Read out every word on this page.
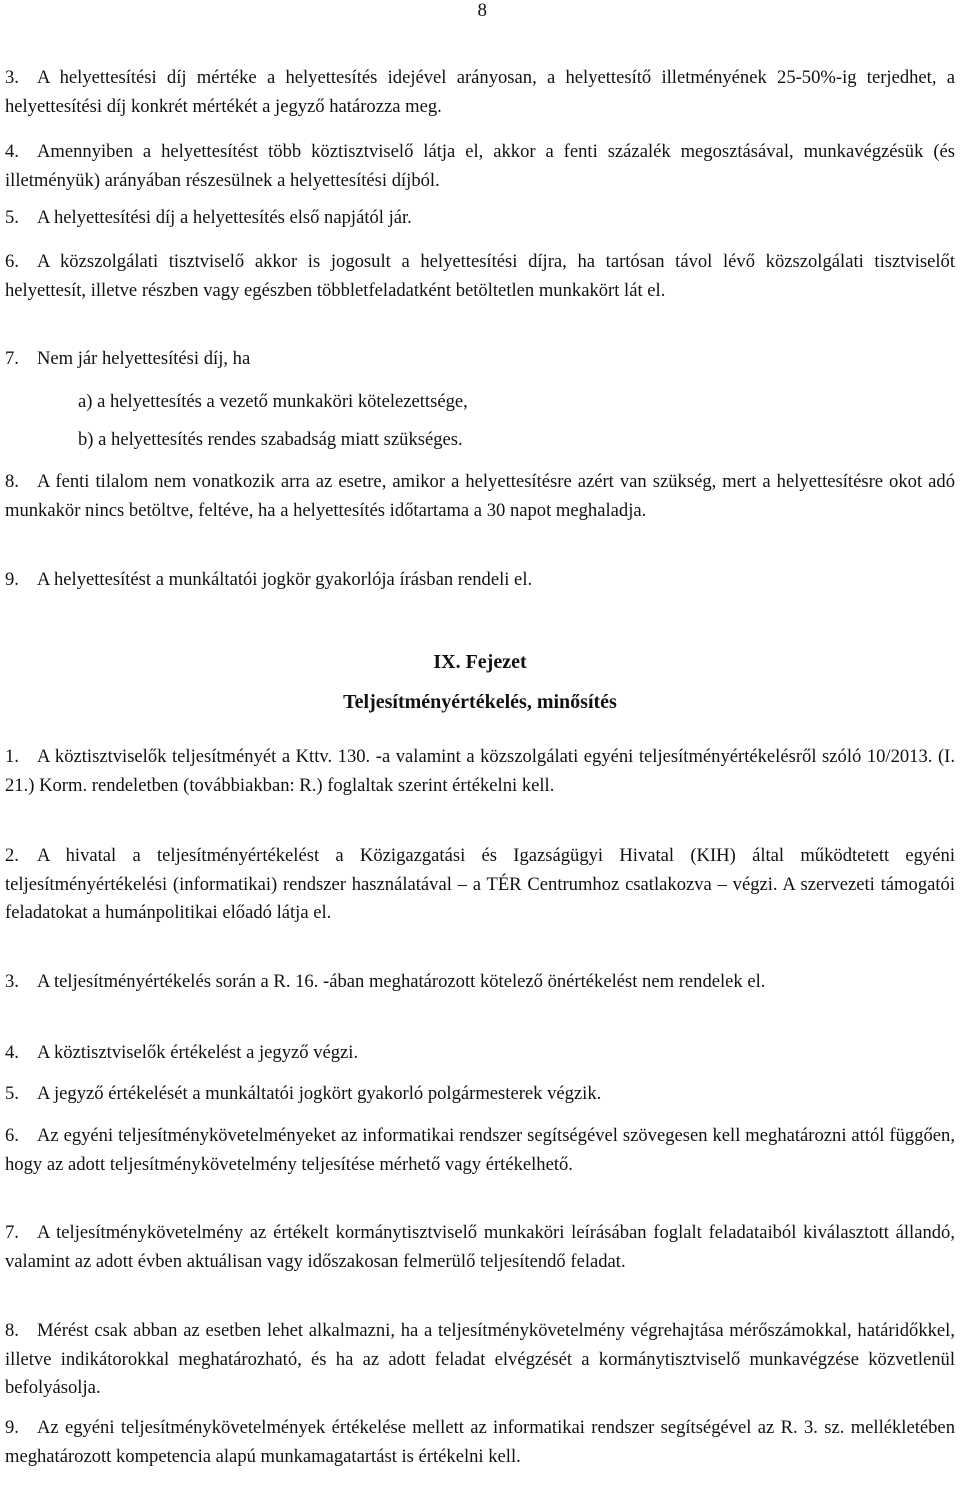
8
3. A helyettesítési díj mértéke a helyettesítés idejével arányosan, a helyettesítő illetményének 25-50%-ig terjedhet, a helyettesítési díj konkrét mértékét a jegyző határozza meg.
4. Amennyiben a helyettesítést több köztisztviselő látja el, akkor a fenti százalék megosztásával, munkavégzésük (és illetményük) arányában részesülnek a helyettesítési díjból.
5. A helyettesítési díj a helyettesítés első napjától jár.
6. A közszolgálati tisztviselő akkor is jogosult a helyettesítési díjra, ha tartósan távol lévő közszolgálati tisztviselőt helyettesít, illetve részben vagy egészben többletfeladatként betöltetlen munkakört lát el.
7. Nem jár helyettesítési díj, ha
a) a helyettesítés a vezető munkaköri kötelezettsége,
b) a helyettesítés rendes szabadság miatt szükséges.
8. A fenti tilalom nem vonatkozik arra az esetre, amikor a helyettesítésre azért van szükség, mert a helyettesítésre okot adó munkakör nincs betöltve, feltéve, ha a helyettesítés időtartama a 30 napot meghaladja.
9. A helyettesítést a munkáltatói jogkör gyakorlója írásban rendeli el.
IX. Fejezet
Teljesítményértékelés, minősítés
1. A köztisztviselők teljesítményét a Kttv. 130. -a valamint a közszolgálati egyéni teljesítményértékelésről szóló 10/2013. (I. 21.) Korm. rendeletben (továbbiakban: R.) foglaltak szerint értékelni kell.
2. A hivatal a teljesítményértékelést a Közigazgatási és Igazságügyi Hivatal (KIH) által működtetett egyéni teljesítményértékelési (informatikai) rendszer használatával – a TÉR Centrumhoz csatlakozva – végzi. A szervezeti támogatói feladatokat a humánpolitikai előadó látja el.
3. A teljesítményértékelés során a R. 16. -ában meghatározott kötelező önértékelést nem rendelek el.
4. A köztisztviselők értékelést a jegyző végzi.
5. A jegyző értékelését a munkáltatói jogkört gyakorló polgármesterek végzik.
6. Az egyéni teljesítménykövetelményeket az informatikai rendszer segítségével szövegesen kell meghatározni attól függően, hogy az adott teljesítménykövetelmény teljesítése mérhető vagy értékelhető.
7. A teljesítménykövetelmény az értékelt kormánytisztviselő munkaköri leírásában foglalt feladataiból kiválasztott állandó, valamint az adott évben aktuálisan vagy időszakosan felmerülő teljesítendő feladat.
8. Mérést csak abban az esetben lehet alkalmazni, ha a teljesítménykövetelmény végrehajtása mérőszámokkal, határidőkkel, illetve indikátorokkal meghatározható, és ha az adott feladat elvégzését a kormánytisztviselő munkavégzése közvetlenül befolyásolja.
9. Az egyéni teljesítménykövetelmények értékelése mellett az informatikai rendszer segítségével az R. 3. sz. mellékletében meghatározott kompetencia alapú munkamagatartást is értékelni kell.
